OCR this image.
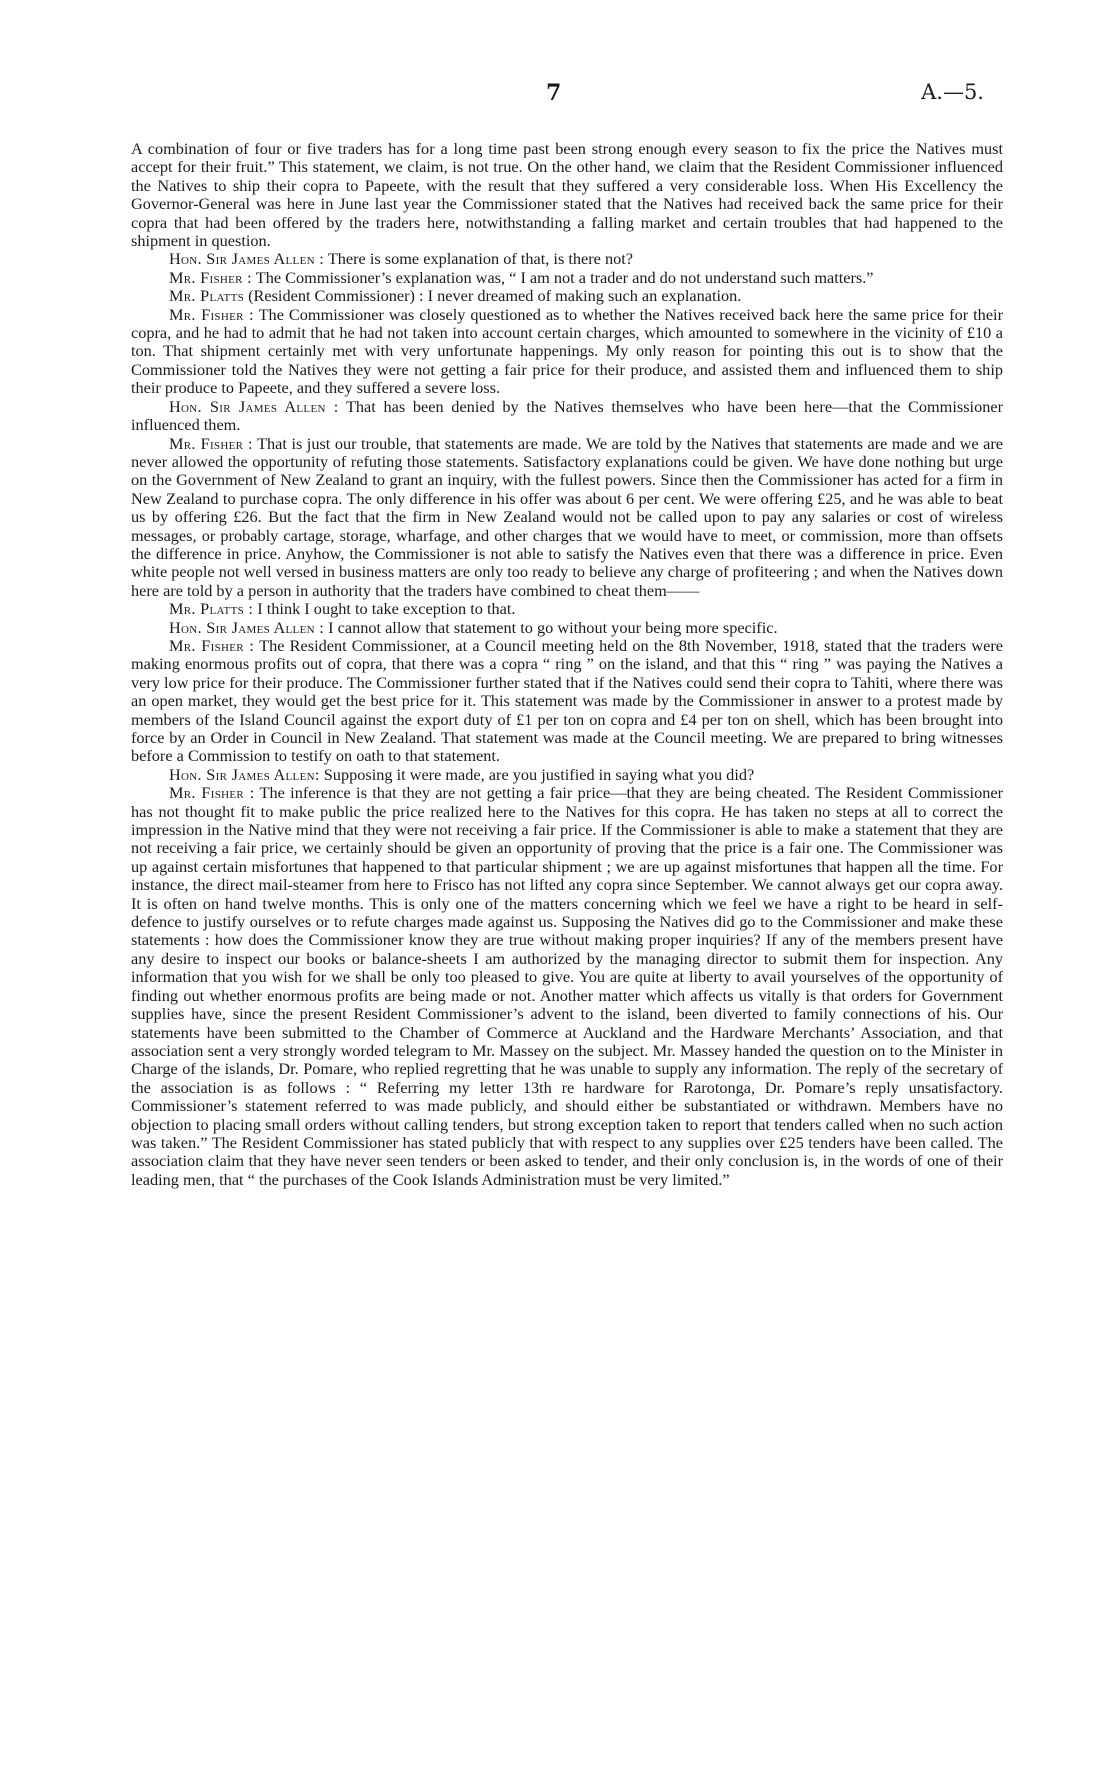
7	A.—5.

A combination of four or five traders has for a long time past been strong enough every season to fix the price the Natives must accept for their fruit.” This statement, we claim, is not true. On the other hand, we claim that the Resident Commissioner influenced the Natives to ship their copra to Papeete, with the result that they suffered a very considerable loss. When His Excellency the Governor-General was here in June last year the Commissioner stated that the Natives had received back the same price for their copra that had been offered by the traders here, notwithstanding a falling market and certain troubles that had happened to the shipment in question.

Hon. Sir James Allen : There is some explanation of that, is there not?

Mr. Fisher : The Commissioner’s explanation was, “ I am not a trader and do not understand such matters.”

Mr. Platts (Resident Commissioner) : I never dreamed of making such an explanation.

Mr. Fisher : The Commissioner was closely questioned as to whether the Natives received back here the same price for their copra, and he had to admit that he had not taken into account certain charges, which amounted to somewhere in the vicinity of £10 a ton. That shipment certainly met with very unfortunate happenings. My only reason for pointing this out is to show that the Commissioner told the Natives they were not getting a fair price for their produce, and assisted them and influenced them to ship their produce to Papeete, and they suffered a severe loss.

Hon. Sir James Allen : That has been denied by the Natives themselves who have been here—that the Commissioner influenced them.

Mr. Fisher : That is just our trouble, that statements are made. We are told by the Natives that statements are made and we are never allowed the opportunity of refuting those statements. Satisfactory explanations could be given. We have done nothing but urge on the Government of New Zealand to grant an inquiry, with the fullest powers. Since then the Commissioner has acted for a firm in New Zealand to purchase copra. The only difference in his offer was about 6 per cent. We were offering £25, and he was able to beat us by offering £26. But the fact that the firm in New Zealand would not be called upon to pay any salaries or cost of wireless messages, or probably cartage, storage, wharfage, and other charges that we would have to meet, or commission, more than offsets the difference in price. Anyhow, the Commissioner is not able to satisfy the Natives even that there was a difference in price. Even white people not well versed in business matters are only too ready to believe any charge of profiteering ; and when the Natives down here are told by a person in authority that the traders have combined to cheat them——

Mr. Platts : I think I ought to take exception to that.

Hon. Sir James Allen : I cannot allow that statement to go without your being more specific.

Mr. Fisher : The Resident Commissioner, at a Council meeting held on the 8th November, 1918, stated that the traders were making enormous profits out of copra, that there was a copra “ ring ” on the island, and that this “ ring ” was paying the Natives a very low price for their produce. The Commissioner further stated that if the Natives could send their copra to Tahiti, where there was an open market, they would get the best price for it. This statement was made by the Commissioner in answer to a protest made by members of the Island Council against the export duty of £1 per ton on copra and £4 per ton on shell, which has been brought into force by an Order in Council in New Zealand. That statement was made at the Council meeting. We are prepared to bring witnesses before a Commission to testify on oath to that statement.

Hon. Sir James Allen: Supposing it were made, are you justified in saying what you did?

Mr. Fisher : The inference is that they are not getting a fair price—that they are being cheated. The Resident Commissioner has not thought fit to make public the price realized here to the Natives for this copra. He has taken no steps at all to correct the impression in the Native mind that they were not receiving a fair price. If the Commissioner is able to make a statement that they are not receiving a fair price, we certainly should be given an opportunity of proving that the price is a fair one. The Commissioner was up against certain misfortunes that happened to that particular shipment ; we are up against misfortunes that happen all the time. For instance, the direct mail-steamer from here to Frisco has not lifted any copra since September. We cannot always get our copra away. It is often on hand twelve months. This is only one of the matters concerning which we feel we have a right to be heard in self-defence to justify ourselves or to refute charges made against us. Supposing the Natives did go to the Commissioner and make these statements : how does the Commissioner know they are true without making proper inquiries? If any of the members present have any desire to inspect our books or balance-sheets I am authorized by the managing director to submit them for inspection. Any information that you wish for we shall be only too pleased to give. You are quite at liberty to avail yourselves of the opportunity of finding out whether enormous profits are being made or not. Another matter which affects us vitally is that orders for Government supplies have, since the present Resident Commissioner’s advent to the island, been diverted to family connections of his. Our statements have been submitted to the Chamber of Commerce at Auckland and the Hardware Merchants’ Association, and that association sent a very strongly worded telegram to Mr. Massey on the subject. Mr. Massey handed the question on to the Minister in Charge of the islands, Dr. Pomare, who replied regretting that he was unable to supply any information. The reply of the secretary of the association is as follows : “ Referring my letter 13th re hardware for Rarotonga, Dr. Pomare’s reply unsatisfactory. Commissioner’s statement referred to was made publicly, and should either be substantiated or withdrawn. Members have no objection to placing small orders without calling tenders, but strong exception taken to report that tenders called when no such action was taken.” The Resident Commissioner has stated publicly that with respect to any supplies over £25 tenders have been called. The association claim that they have never seen tenders or been asked to tender, and their only conclusion is, in the words of one of their leading men, that “ the purchases of the Cook Islands Administration must be very limited.”
